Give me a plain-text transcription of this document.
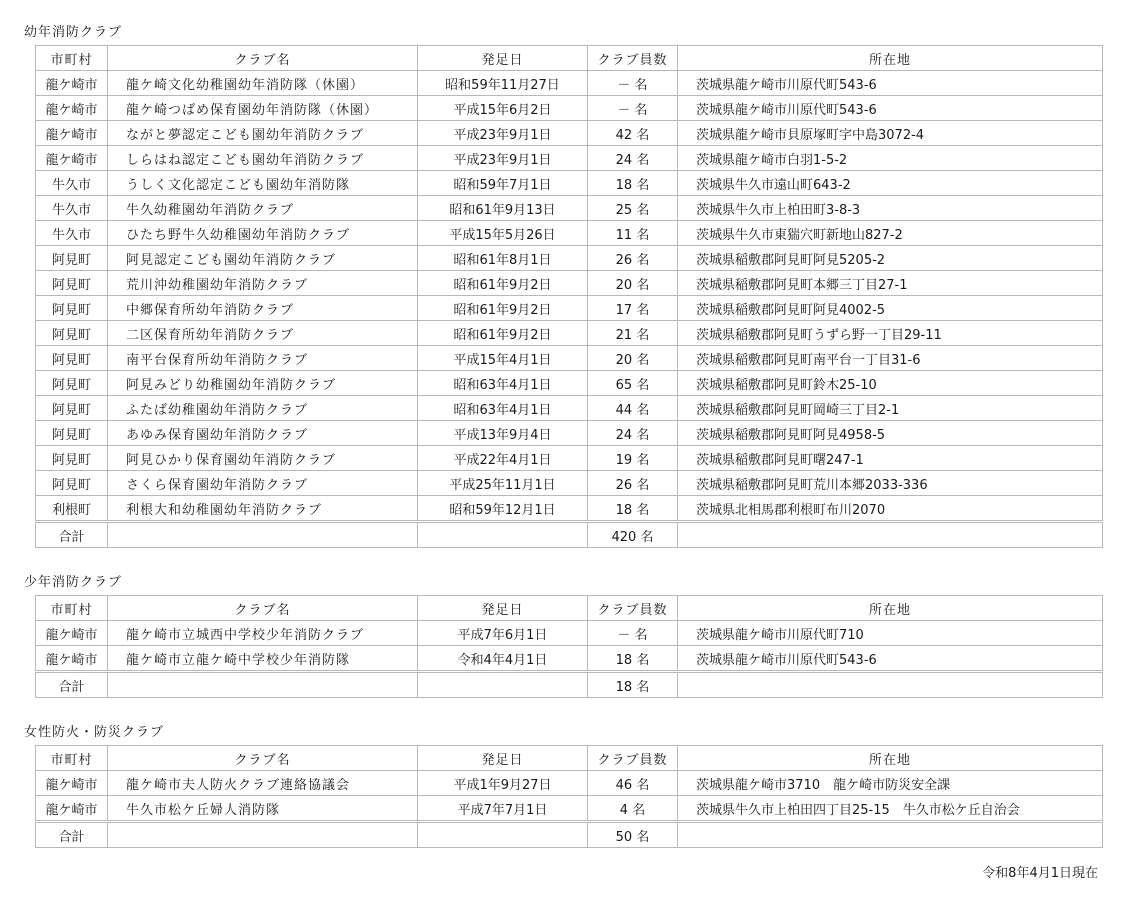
幼年消防クラブ
市町村	クラブ名	発足日	クラブ員数	所在地
龍ケ崎市	龍ケ崎文化幼稚園幼年消防隊（休園）	昭和59年11月27日	－ 名	茨城県龍ケ崎市川原代町543-6
龍ケ崎市	龍ケ崎つばめ保育園幼年消防隊（休園）	平成15年6月2日	－ 名	茨城県龍ケ崎市川原代町543-6
龍ケ崎市	ながと夢認定こども園幼年消防クラブ	平成23年9月1日	42 名	茨城県龍ケ崎市貝原塚町字中島3072-4
龍ケ崎市	しらはね認定こども園幼年消防クラブ	平成23年9月1日	24 名	茨城県龍ケ崎市白羽1-5-2
牛久市	うしく文化認定こども園幼年消防隊	昭和59年7月1日	18 名	茨城県牛久市遠山町643-2
牛久市	牛久幼稚園幼年消防クラブ	昭和61年9月13日	25 名	茨城県牛久市上柏田町3-8-3
牛久市	ひたち野牛久幼稚園幼年消防クラブ	平成15年5月26日	11 名	茨城県牛久市東猯穴町新地山827-2
阿見町	阿見認定こども園幼年消防クラブ	昭和61年8月1日	26 名	茨城県稲敷郡阿見町阿見5205-2
阿見町	荒川沖幼稚園幼年消防クラブ	昭和61年9月2日	20 名	茨城県稲敷郡阿見町本郷三丁目27-1
阿見町	中郷保育所幼年消防クラブ	昭和61年9月2日	17 名	茨城県稲敷郡阿見町阿見4002-5
阿見町	二区保育所幼年消防クラブ	昭和61年9月2日	21 名	茨城県稲敷郡阿見町うずら野一丁目29-11
阿見町	南平台保育所幼年消防クラブ	平成15年4月1日	20 名	茨城県稲敷郡阿見町南平台一丁目31-6
阿見町	阿見みどり幼稚園幼年消防クラブ	昭和63年4月1日	65 名	茨城県稲敷郡阿見町鈴木25-10
阿見町	ふたば幼稚園幼年消防クラブ	昭和63年4月1日	44 名	茨城県稲敷郡阿見町岡崎三丁目2-1
阿見町	あゆみ保育園幼年消防クラブ	平成13年9月4日	24 名	茨城県稲敷郡阿見町阿見4958-5
阿見町	阿見ひかり保育園幼年消防クラブ	平成22年4月1日	19 名	茨城県稲敷郡阿見町曙247-1
阿見町	さくら保育園幼年消防クラブ	平成25年11月1日	26 名	茨城県稲敷郡阿見町荒川本郷2033-336
利根町	利根大和幼稚園幼年消防クラブ	昭和59年12月1日	18 名	茨城県北相馬郡利根町布川2070
合計			420 名	
少年消防クラブ
市町村	クラブ名	発足日	クラブ員数	所在地
龍ケ崎市	龍ケ崎市立城西中学校少年消防クラブ	平成7年6月1日	－ 名	茨城県龍ケ崎市川原代町710
龍ケ崎市	龍ケ崎市立龍ケ崎中学校少年消防隊	令和4年4月1日	18 名	茨城県龍ケ崎市川原代町543-6
合計			18 名	
女性防火・防災クラブ
市町村	クラブ名	発足日	クラブ員数	所在地
龍ケ崎市	龍ケ崎市夫人防火クラブ連絡協議会	平成1年9月27日	46 名	茨城県龍ケ崎市3710　龍ケ崎市防災安全課
龍ケ崎市	牛久市松ケ丘婦人消防隊	平成7年7月1日	4 名	茨城県牛久市上柏田四丁目25-15　牛久市松ケ丘自治会
合計			50 名	
令和8年4月1日現在
